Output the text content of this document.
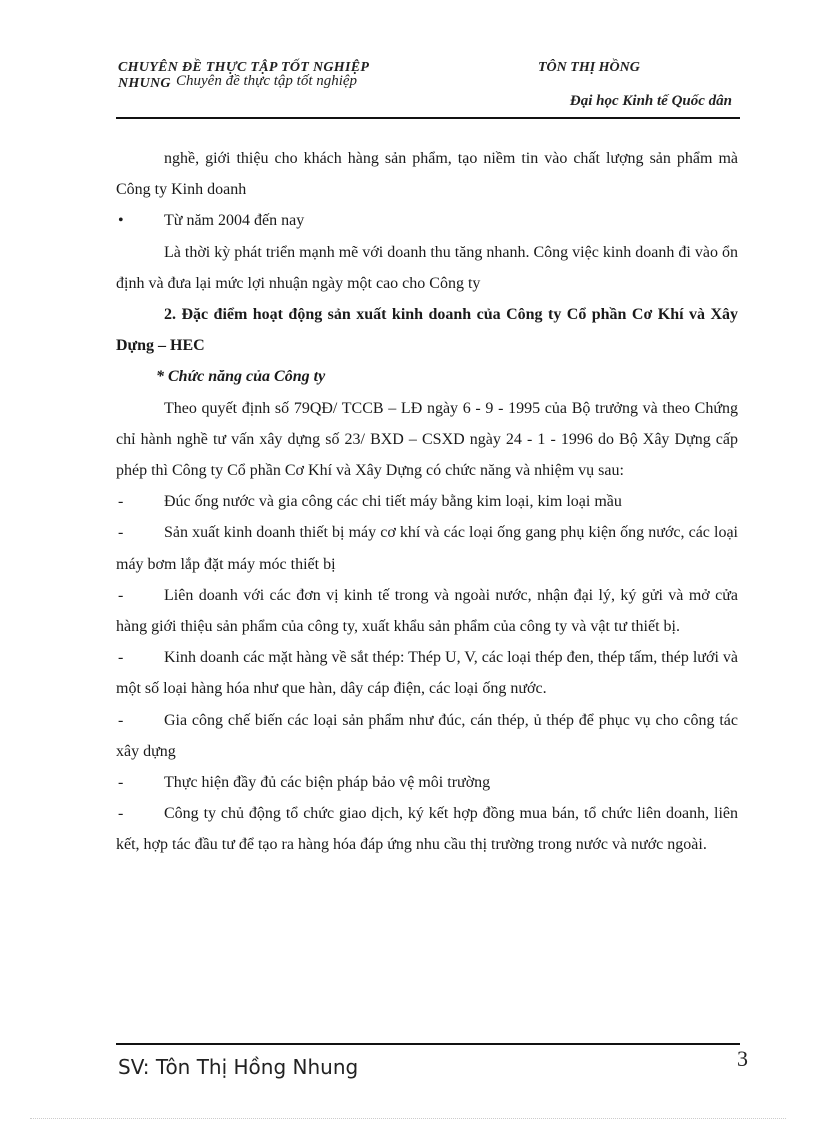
CHUYÊN ĐỀ THỰC TẬP TỐT NGHIỆP
NHUNG Chuyên đề thực tập tốt nghiệp
TÔN THỊ HỒNG
Đại học Kinh tế Quốc dân

nghề, giới thiệu cho khách hàng sản phẩm, tạo niềm tin vào chất lượng sản phẩm mà Công ty Kinh doanh

•	Từ năm 2004 đến nay

Là thời kỳ phát triển mạnh mẽ với doanh thu tăng nhanh. Công việc kinh doanh đi vào ổn định và đưa lại mức lợi nhuận ngày một cao cho Công ty

2. Đặc điểm hoạt động sản xuất kinh doanh của Công ty Cổ phần Cơ Khí và Xây Dựng – HEC

* Chức năng của Công ty

Theo quyết định số 79QĐ/ TCCB – LĐ ngày 6 - 9 - 1995 của Bộ trưởng và theo Chứng chỉ hành nghề tư vấn xây dựng số 23/ BXD – CSXD ngày 24 - 1 - 1996 do Bộ Xây Dựng cấp phép thì Công ty Cổ phần Cơ Khí và Xây Dựng có chức năng và nhiệm vụ sau:

-	Đúc ống nước và gia công các chi tiết máy bằng kim loại, kim loại mầu

-	Sản xuất kinh doanh thiết bị máy cơ khí và các loại ống gang phụ kiện ống nước, các loại máy bơm lắp đặt máy móc thiết bị

-	Liên doanh với các đơn vị kinh tế trong và ngoài nước, nhận đại lý, ký gửi và mở cửa hàng giới thiệu sản phẩm của công ty, xuất khẩu sản phẩm của công ty và vật tư thiết bị.

-	Kinh doanh các mặt hàng về sắt thép: Thép U, V, các loại thép đen, thép tấm, thép lưới và một số loại hàng hóa như que hàn, dây cáp điện, các loại ống nước.

-	Gia công chế biến các loại sản phẩm như đúc, cán thép, ủ thép để phục vụ cho công tác xây dựng

-	Thực hiện đầy đủ các biện pháp bảo vệ môi trường

-	Công ty chủ động tổ chức giao dịch, ký kết hợp đồng mua bán, tổ chức liên doanh, liên kết, hợp tác đầu tư để tạo ra hàng hóa đáp ứng nhu cầu thị trường trong nước và nước ngoài.

SV: Tôn Thị Hồng Nhung	3
